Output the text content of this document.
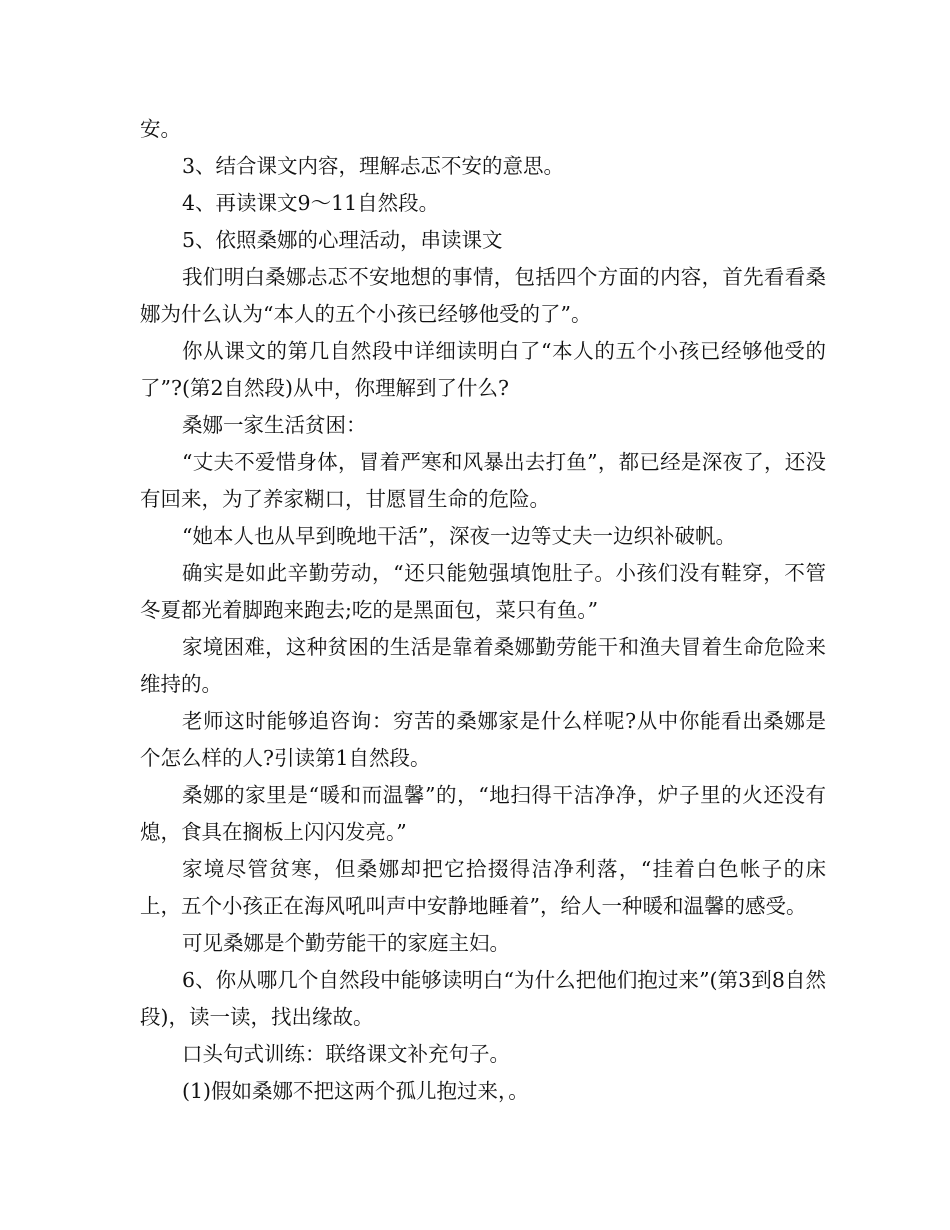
安。

3、结合课文内容，理解忐忑不安的意思。

4、再读课文9～11自然段。

5、依照桑娜的心理活动，串读课文

我们明白桑娜忐忑不安地想的事情，包括四个方面的内容，首先看看桑娜为什么认为“本人的五个小孩已经够他受的了”。

你从课文的第几自然段中详细读明白了“本人的五个小孩已经够他受的了”?(第2自然段)从中，你理解到了什么?

桑娜一家生活贫困：

“丈夫不爱惜身体，冒着严寒和风暴出去打鱼”，都已经是深夜了，还没有回来，为了养家糊口，甘愿冒生命的危险。

“她本人也从早到晚地干活”，深夜一边等丈夫一边织补破帆。

确实是如此辛勤劳动，“还只能勉强填饱肚子。小孩们没有鞋穿，不管冬夏都光着脚跑来跑去;吃的是黑面包，菜只有鱼。”

家境困难，这种贫困的生活是靠着桑娜勤劳能干和渔夫冒着生命危险来维持的。

老师这时能够追咨询：穷苦的桑娜家是什么样呢?从中你能看出桑娜是个怎么样的人?引读第1自然段。

桑娜的家里是“暖和而温馨”的，“地扫得干洁净净，炉子里的火还没有熄，食具在搁板上闪闪发亮。”

家境尽管贫寒，但桑娜却把它拾掇得洁净利落，“挂着白色帐子的床上，五个小孩正在海风吼叫声中安静地睡着”，给人一种暖和温馨的感受。

可见桑娜是个勤劳能干的家庭主妇。

6、你从哪几个自然段中能够读明白“为什么把他们抱过来”(第3到8自然段)，读一读，找出缘故。

口头句式训练：联络课文补充句子。

(1)假如桑娜不把这两个孤儿抱过来，。
